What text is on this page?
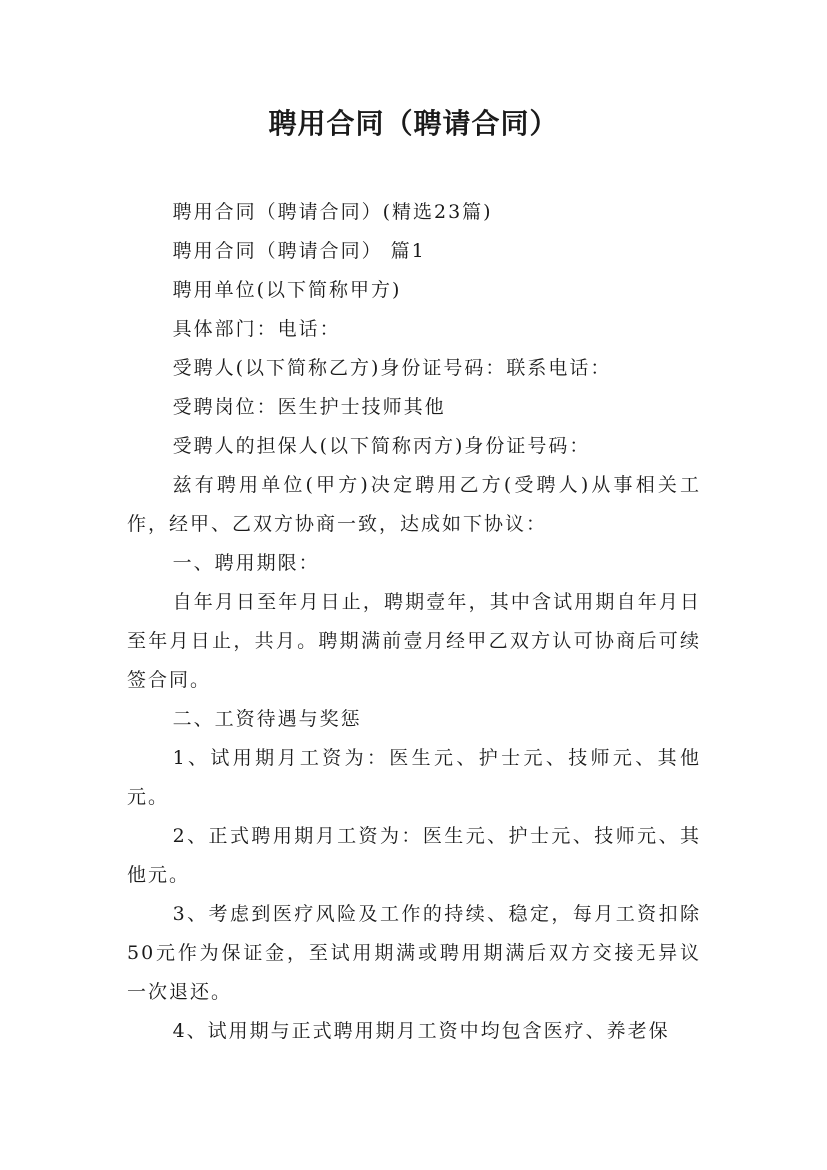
聘用合同（聘请合同）

聘用合同（聘请合同）(精选23篇)

聘用合同（聘请合同） 篇1

聘用单位(以下简称甲方)

具体部门：电话：

受聘人(以下简称乙方)身份证号码：联系电话：

受聘岗位：医生护士技师其他

受聘人的担保人(以下简称丙方)身份证号码：

兹有聘用单位(甲方)决定聘用乙方(受聘人)从事相关工作，经甲、乙双方协商一致，达成如下协议：

一、聘用期限：

自年月日至年月日止，聘期壹年，其中含试用期自年月日至年月日止，共月。聘期满前壹月经甲乙双方认可协商后可续签合同。

二、工资待遇与奖惩

1、试用期月工资为：医生元、护士元、技师元、其他元。

2、正式聘用期月工资为：医生元、护士元、技师元、其他元。

3、考虑到医疗风险及工作的持续、稳定，每月工资扣除50元作为保证金，至试用期满或聘用期满后双方交接无异议一次退还。

4、试用期与正式聘用期月工资中均包含医疗、养老保
